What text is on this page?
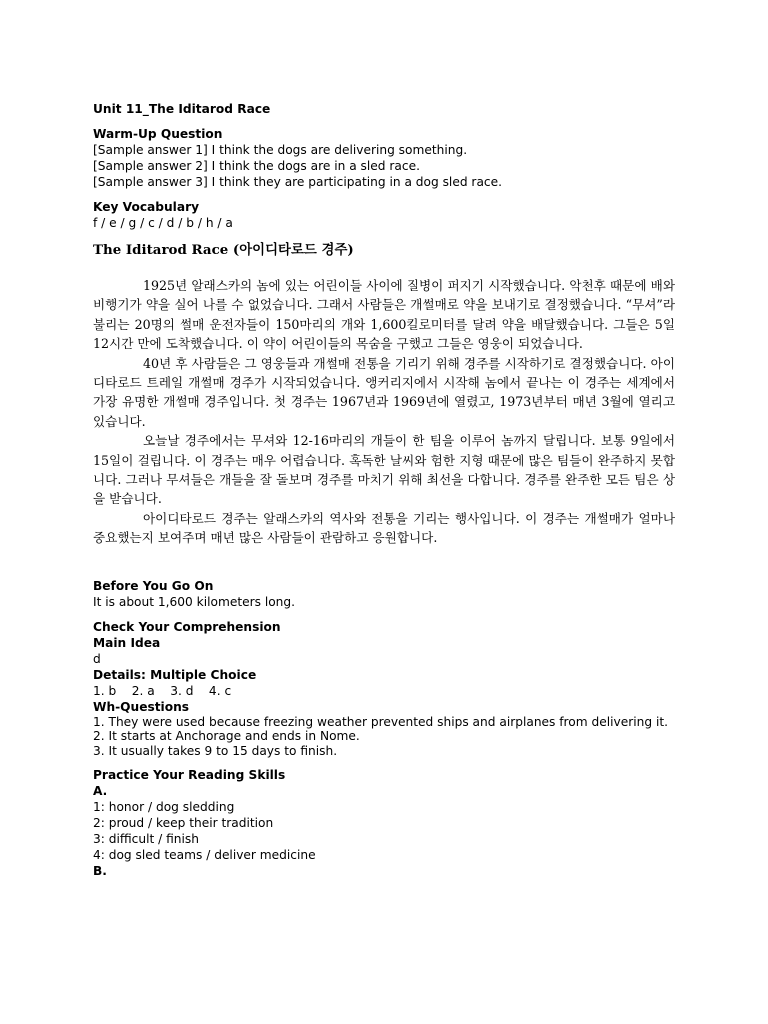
Unit 11_The Iditarod Race
Warm-Up Question
[Sample answer 1] I think the dogs are delivering something.
[Sample answer 2] I think the dogs are in a sled race.
[Sample answer 3] I think they are participating in a dog sled race.
Key Vocabulary
f / e / g / c / d / b / h / a
The Iditarod Race (아이디타로드 경주)

1925년 알래스카의 놈에 있는 어린이들 사이에 질병이 퍼지기 시작했습니다. 악천후 때문에 배와 비행기가 약을 실어 나를 수 없었습니다. 그래서 사람들은 개썰매로 약을 보내기로 결정했습니다. “무셔”라 불리는 20명의 썰매 운전자들이 150마리의 개와 1,600킬로미터를 달려 약을 배달했습니다. 그들은 5일 12시간 만에 도착했습니다. 이 약이 어린이들의 목숨을 구했고 그들은 영웅이 되었습니다.

40년 후 사람들은 그 영웅들과 개썰매 전통을 기리기 위해 경주를 시작하기로 결정했습니다. 아이디타로드 트레일 개썰매 경주가 시작되었습니다. 앵커리지에서 시작해 놈에서 끝나는 이 경주는 세계에서 가장 유명한 개썰매 경주입니다. 첫 경주는 1967년과 1969년에 열렸고, 1973년부터 매년 3월에 열리고 있습니다.

오늘날 경주에서는 무셔와 12-16마리의 개들이 한 팀을 이루어 놈까지 달립니다. 보통 9일에서 15일이 걸립니다. 이 경주는 매우 어렵습니다. 혹독한 날씨와 험한 지형 때문에 많은 팀들이 완주하지 못합니다. 그러나 무셔들은 개들을 잘 돌보며 경주를 마치기 위해 최선을 다합니다. 경주를 완주한 모든 팀은 상을 받습니다.

아이디타로드 경주는 알래스카의 역사와 전통을 기리는 행사입니다. 이 경주는 개썰매가 얼마나 중요했는지 보여주며 매년 많은 사람들이 관람하고 응원합니다.

Before You Go On
It is about 1,600 kilometers long.
Check Your Comprehension
Main Idea
d
Details: Multiple Choice
1. b    2. a    3. d    4. c
Wh-Questions
1. They were used because freezing weather prevented ships and airplanes from delivering it.
2. It starts at Anchorage and ends in Nome.
3. It usually takes 9 to 15 days to finish.
Practice Your Reading Skills
A.
1: honor / dog sledding
2: proud / keep their tradition
3: difficult / finish
4: dog sled teams / deliver medicine
B.
